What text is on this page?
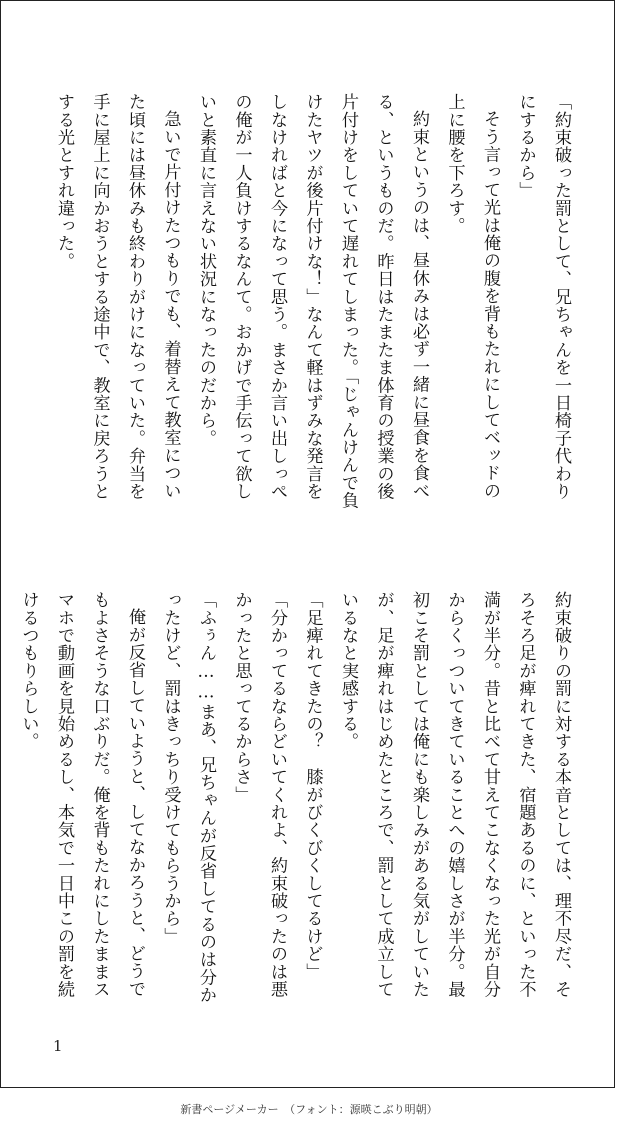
「約束破った罰として、兄ちゃんを一日椅子代わりにするから」

そう言って光は俺の腹を背もたれにしてベッドの上に腰を下ろす。

約束というのは、昼休みは必ず一緒に昼食を食べる、というものだ。昨日はたまたま体育の授業の後片付けをしていて遅れてしまった。「じゃんけんで負けたヤツが後片付けな！」なんて軽はずみな発言をしなければと今になって思う。まさか言い出しっぺの俺が一人負けするなんて。おかげで手伝って欲しいと素直に言えない状況になったのだから。

急いで片付けたつもりでも、着替えて教室についた頃には昼休みも終わりがけになっていた。弁当を手に屋上に向かおうとする途中で、教室に戻ろうとする光とすれ違った。

約束破りの罰に対する本音としては、理不尽だ、そろそろ足が痺れてきた、宿題あるのに、といった不満が半分。昔と比べて甘えてこなくなった光が自分からくっついてきていることへの嬉しさが半分。最初こそ罰としては俺にも楽しみがある気がしていたが、足が痺れはじめたところで、罰として成立しているなと実感する。

「足痺れてきたの？　膝がびくびくしてるけど」

「分かってるならどいてくれよ、約束破ったのは悪かったと思ってるからさ」

「ふぅん……まあ、兄ちゃんが反省してるのは分かったけど、罰はきっちり受けてもらうから」

俺が反省していようと、してなかろうと、どうでもよさそうな口ぶりだ。俺を背もたれにしたままスマホで動画を見始めるし、本気で一日中この罰を続けるつもりらしい。

1
新書ページメーカー　（フォント：源暎こぶり明朝）
